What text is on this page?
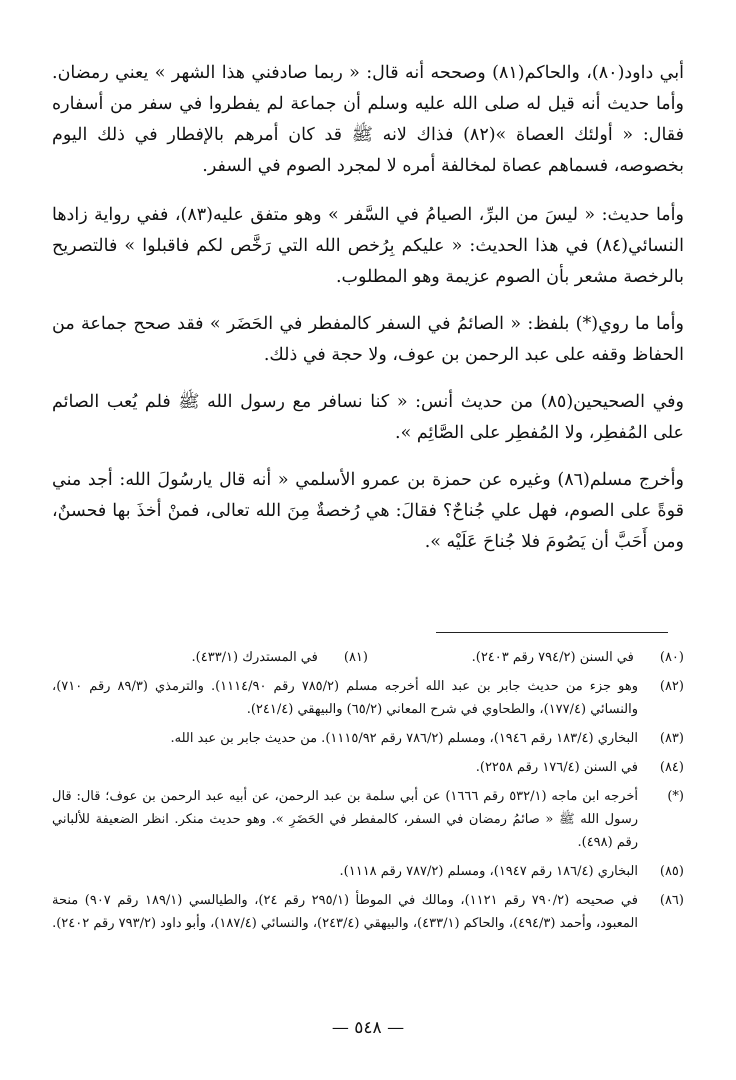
أبي داود(٨٠)، والحاكم(٨١) وصححه أنه قال: « ربما صادفني هذا الشهر » يعني رمضان. وأما حديث أنه قيل له صلى الله عليه وسلم أن جماعة لم يفطروا في سفر من أسفاره فقال: « أولئك العصاة »(٨٢) فذاك لانه ﷺ قد كان أمرهم بالإفطار في ذلك اليوم بخصوصه، فسماهم عصاة لمخالفة أمره لا لمجرد الصوم في السفر.

وأما حديث: « ليسَ من البرِّ، الصيامُ في السَّفر » وهو متفق عليه(٨٣)، ففي رواية زادها النسائي(٨٤) في هذا الحديث: « عليكم بِرُخص الله التي رَخَّص لكم فاقبلوا » فالتصريح بالرخصة مشعر بأن الصوم عزيمة وهو المطلوب.

وأما ما روي(*) بلفظ: « الصائمُ في السفر كالمفطر في الحَضَر » فقد صحح جماعة من الحفاظ وقفه على عبد الرحمن بن عوف، ولا حجة في ذلك.

وفي الصحيحين(٨٥) من حديث أنس: « كنا نسافر مع رسول الله ﷺ فلم يُعب الصائم على المُفطِر، ولا المُفطِر على الصَّائِم ».

وأخرج مسلم(٨٦) وغيره عن حمزة بن عمرو الأسلمي « أنه قال يارسُولَ الله: أجد مني قوةً على الصوم، فهل علي جُناحٌ؟ فقالَ: هي رُخصةٌ مِنَ الله تعالى، فمنْ أخذَ بها فحسنٌ، ومن أَحَبَّ أن يَصُومَ فلا جُناحَ عَلَيْه ».

(٨٠) في السنن (٧٩٤/٢ رقم ٢٤٠٣).
(٨١) في المستدرك (٤٣٣/١).
(٨٢)
وهو جزء من حديث جابر بن عبد الله أخرجه مسلم (٧٨٥/٢ رقم ١١١٤/٩٠). والترمذي (٨٩/٣ رقم ٧١٠)، والنسائي (١٧٧/٤)، والطحاوي في شرح المعاني (٦٥/٢) والبيهقي (٢٤١/٤).
(٨٣)
البخاري (١٨٣/٤ رقم ١٩٤٦)، ومسلم (٧٨٦/٢ رقم ١١١٥/٩٢). من حديث جابر بن عبد الله.
(٨٤)
في السنن (١٧٦/٤ رقم ٢٢٥٨).
(*)
أخرجه ابن ماجه (٥٣٢/١ رقم ١٦٦٦) عن أبي سلمة بن عبد الرحمن، عن أبيه عبد الرحمن بن عوف؛ قال: قال رسول الله ﷺ « صائمُ رمضان في السفر، كالمفطر في الحَضَرِ ». وهو حديث منكر. انظر الضعيفة للألباني رقم (٤٩٨).
(٨٥)
البخاري (١٨٦/٤ رقم ١٩٤٧)، ومسلم (٧٨٧/٢ رقم ١١١٨).
(٨٦)
في صحيحه (٧٩٠/٢ رقم ١١٢١)، ومالك في الموطأ (٢٩٥/١ رقم ٢٤)، والطيالسي (١٨٩/١ رقم ٩٠٧) منحة المعبود، وأحمد (٤٩٤/٣)، والحاكم (٤٣٣/١)، والبيهقي (٢٤٣/٤)، والنسائي (١٨٧/٤)، وأبو داود (٧٩٣/٢ رقم ٢٤٠٢).
— ٥٤٨ —
